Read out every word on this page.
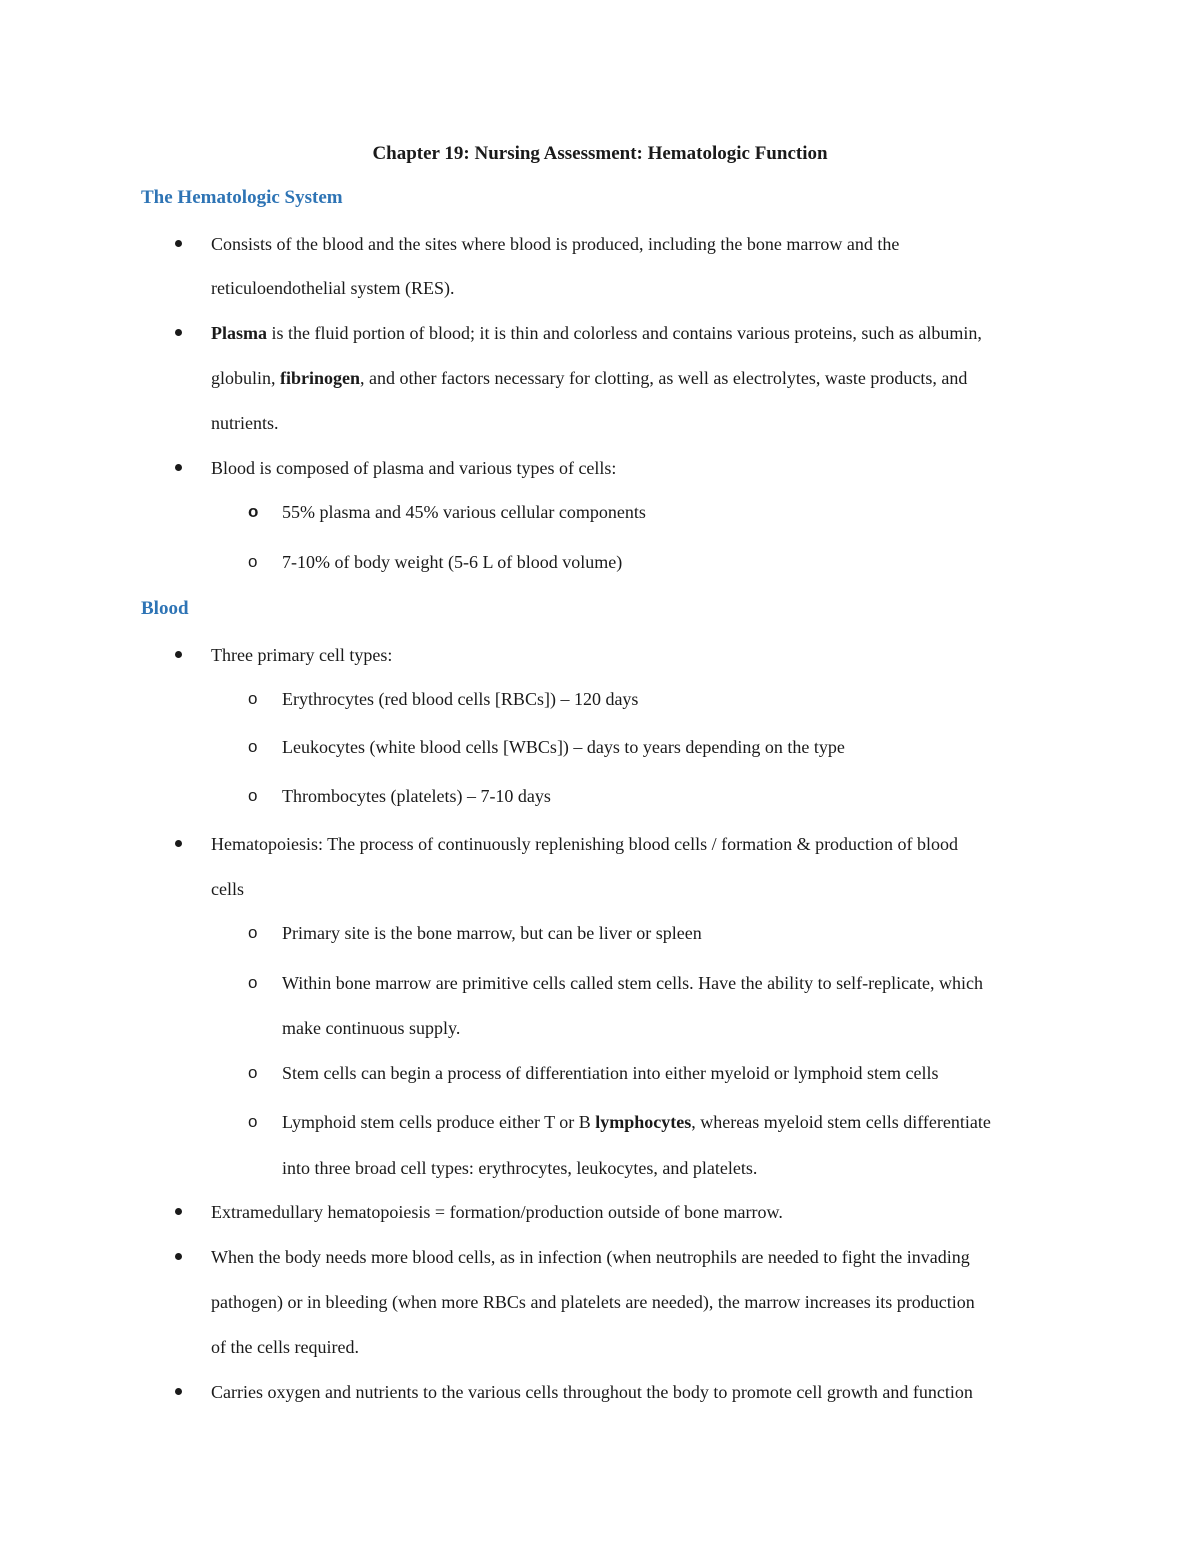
Chapter 19: Nursing Assessment: Hematologic Function
The Hematologic System
Consists of the blood and the sites where blood is produced, including the bone marrow and the
reticuloendothelial system (RES).
Plasma is the fluid portion of blood; it is thin and colorless and contains various proteins, such as albumin,
globulin, fibrinogen, and other factors necessary for clotting, as well as electrolytes, waste products, and
nutrients.
Blood is composed of plasma and various types of cells:
o 55% plasma and 45% various cellular components
o 7-10% of body weight (5-6 L of blood volume)
Blood
Three primary cell types:
o Erythrocytes (red blood cells [RBCs]) – 120 days
o Leukocytes (white blood cells [WBCs]) – days to years depending on the type
o Thrombocytes (platelets) – 7-10 days
Hematopoiesis: The process of continuously replenishing blood cells / formation & production of blood
cells
o Primary site is the bone marrow, but can be liver or spleen
o Within bone marrow are primitive cells called stem cells. Have the ability to self-replicate, which
make continuous supply.
o Stem cells can begin a process of differentiation into either myeloid or lymphoid stem cells
o Lymphoid stem cells produce either T or B lymphocytes, whereas myeloid stem cells differentiate
into three broad cell types: erythrocytes, leukocytes, and platelets.
Extramedullary hematopoiesis = formation/production outside of bone marrow.
When the body needs more blood cells, as in infection (when neutrophils are needed to fight the invading
pathogen) or in bleeding (when more RBCs and platelets are needed), the marrow increases its production
of the cells required.
Carries oxygen and nutrients to the various cells throughout the body to promote cell growth and function
